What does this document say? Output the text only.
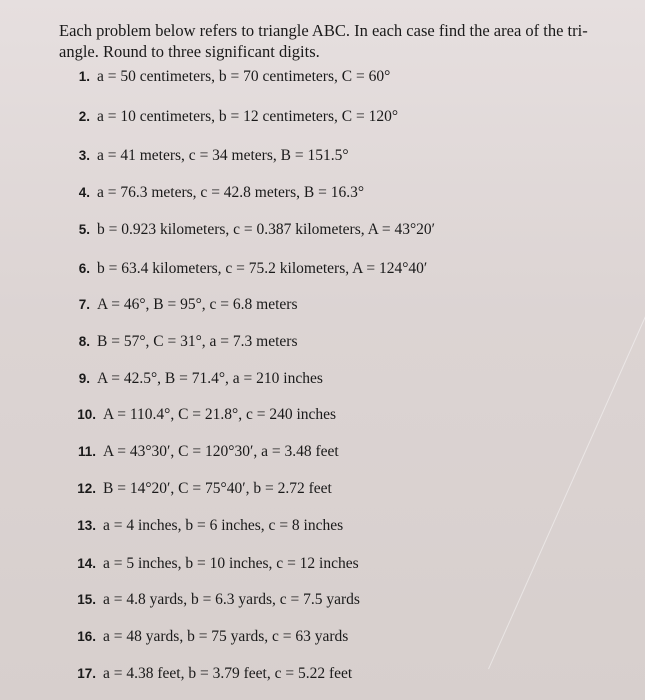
Each problem below refers to triangle ABC. In each case find the area of the tri- angle. Round to three significant digits.
1. a = 50 centimeters, b = 70 centimeters, C = 60°
2. a = 10 centimeters, b = 12 centimeters, C = 120°
3. a = 41 meters, c = 34 meters, B = 151.5°
4. a = 76.3 meters, c = 42.8 meters, B = 16.3°
5. b = 0.923 kilometers, c = 0.387 kilometers, A = 43°20′
6. b = 63.4 kilometers, c = 75.2 kilometers, A = 124°40′
7. A = 46°, B = 95°, c = 6.8 meters
8. B = 57°, C = 31°, a = 7.3 meters
9. A = 42.5°, B = 71.4°, a = 210 inches
10. A = 110.4°, C = 21.8°, c = 240 inches
11. A = 43°30′, C = 120°30′, a = 3.48 feet
12. B = 14°20′, C = 75°40′, b = 2.72 feet
13. a = 4 inches, b = 6 inches, c = 8 inches
14. a = 5 inches, b = 10 inches, c = 12 inches
15. a = 4.8 yards, b = 6.3 yards, c = 7.5 yards
16. a = 48 yards, b = 75 yards, c = 63 yards
17. a = 4.38 feet, b = 3.79 feet, c = 5.22 feet
